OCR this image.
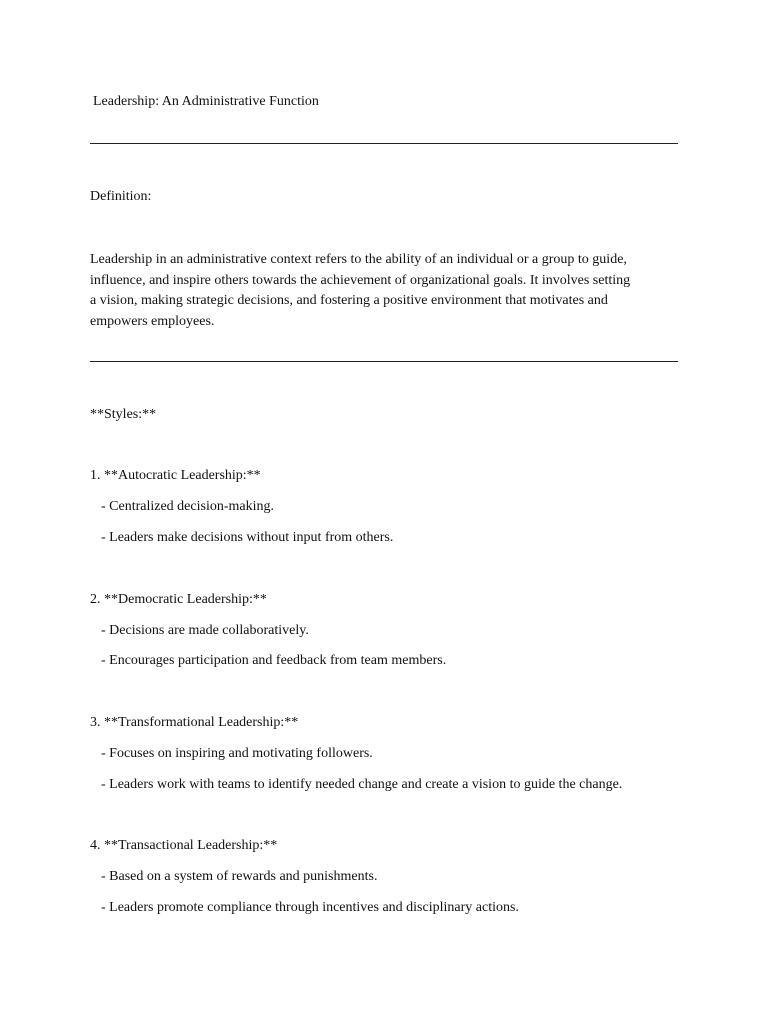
Leadership: An Administrative Function
Definition:
Leadership in an administrative context refers to the ability of an individual or a group to guide,
influence, and inspire others towards the achievement of organizational goals. It involves setting
a vision, making strategic decisions, and fostering a positive environment that motivates and
empowers employees.
**Styles:**
1. **Autocratic Leadership:**
- Centralized decision-making.
- Leaders make decisions without input from others.
2. **Democratic Leadership:**
- Decisions are made collaboratively.
- Encourages participation and feedback from team members.
3. **Transformational Leadership:**
- Focuses on inspiring and motivating followers.
- Leaders work with teams to identify needed change and create a vision to guide the change.
4. **Transactional Leadership:**
- Based on a system of rewards and punishments.
- Leaders promote compliance through incentives and disciplinary actions.
